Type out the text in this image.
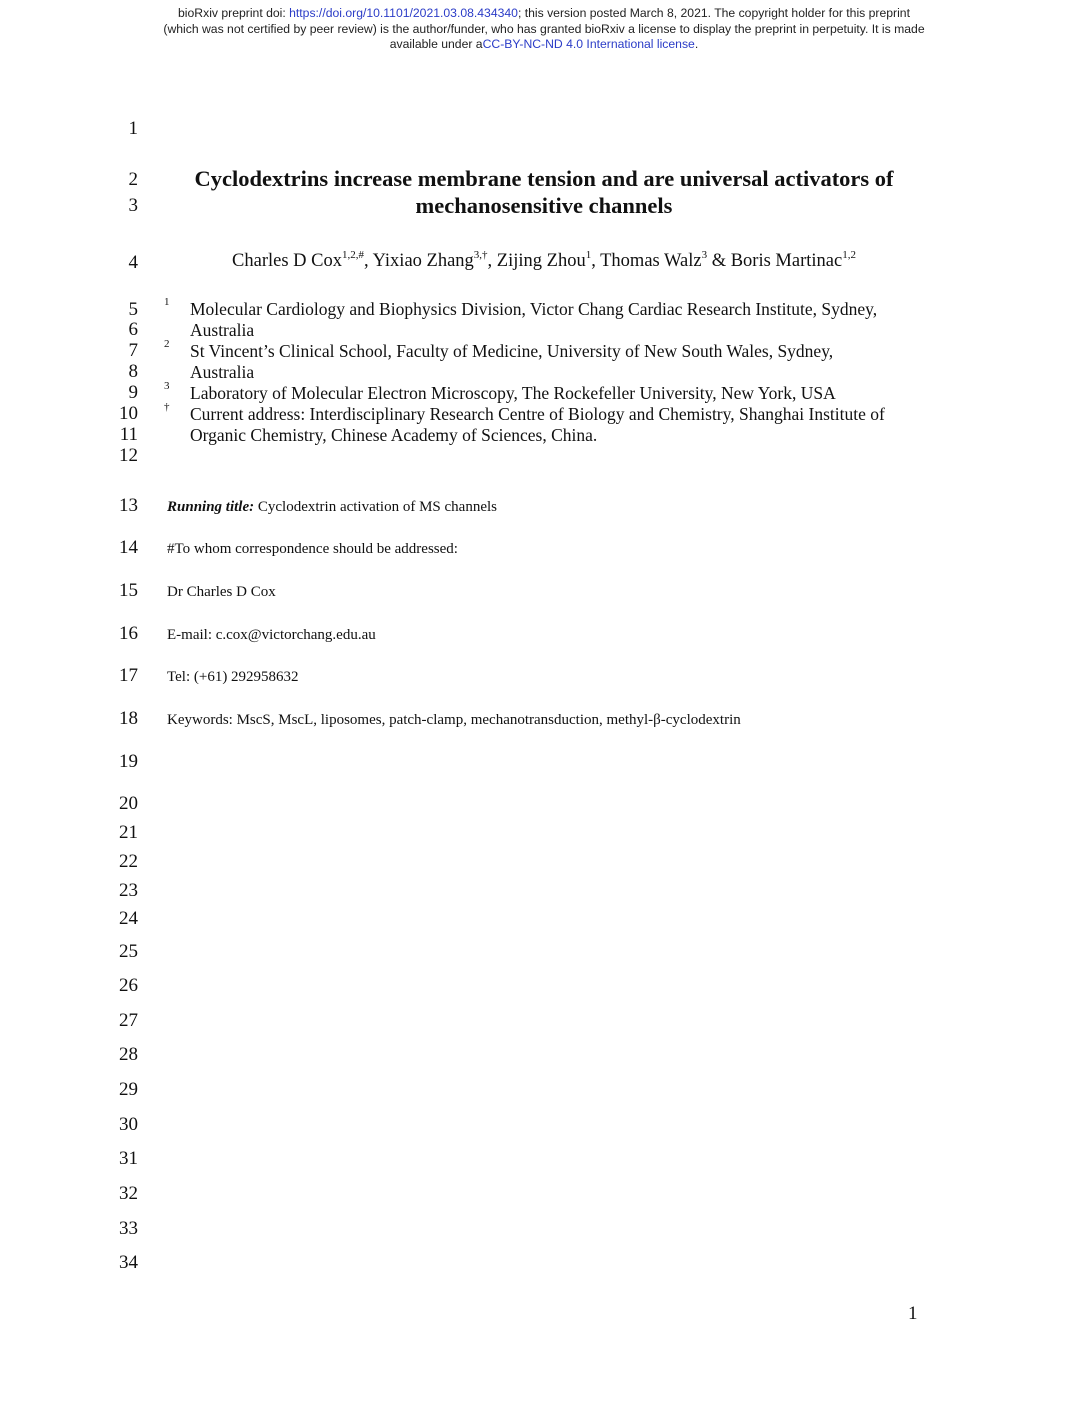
bioRxiv preprint doi: https://doi.org/10.1101/2021.03.08.434340; this version posted March 8, 2021. The copyright holder for this preprint
(which was not certified by peer review) is the author/funder, who has granted bioRxiv a license to display the preprint in perpetuity. It is made
available under aCC-BY-NC-ND 4.0 International license.
1
2
3
4
5
6
7
8
9
10
11
12
13
14
15
16
17
18
19
20
21
22
23
24
25
26
27
28
29
30
31
32
33
34
Cyclodextrins increase membrane tension and are universal activators of
mechanosensitive channels
Charles D Cox$^{1,2,\#}$, Yixiao Zhang$^{3,\dagger}$, Zijing Zhou$^1$, Thomas Walz$^3$ & Boris Martinac$^{1,2}$
1 Molecular Cardiology and Biophysics Division, Victor Chang Cardiac Research Institute, Sydney,
Australia
2 St Vincent’s Clinical School, Faculty of Medicine, University of New South Wales, Sydney,
Australia
3 Laboratory of Molecular Electron Microscopy, The Rockefeller University, New York, USA
† Current address: Interdisciplinary Research Centre of Biology and Chemistry, Shanghai Institute of
Organic Chemistry, Chinese Academy of Sciences, China.
Running title: Cyclodextrin activation of MS channels
#To whom correspondence should be addressed:
Dr Charles D Cox
E-mail: c.cox@victorchang.edu.au
Tel: (+61) 292958632
Keywords: MscS, MscL, liposomes, patch-clamp, mechanotransduction, methyl-β-cyclodextrin
1
